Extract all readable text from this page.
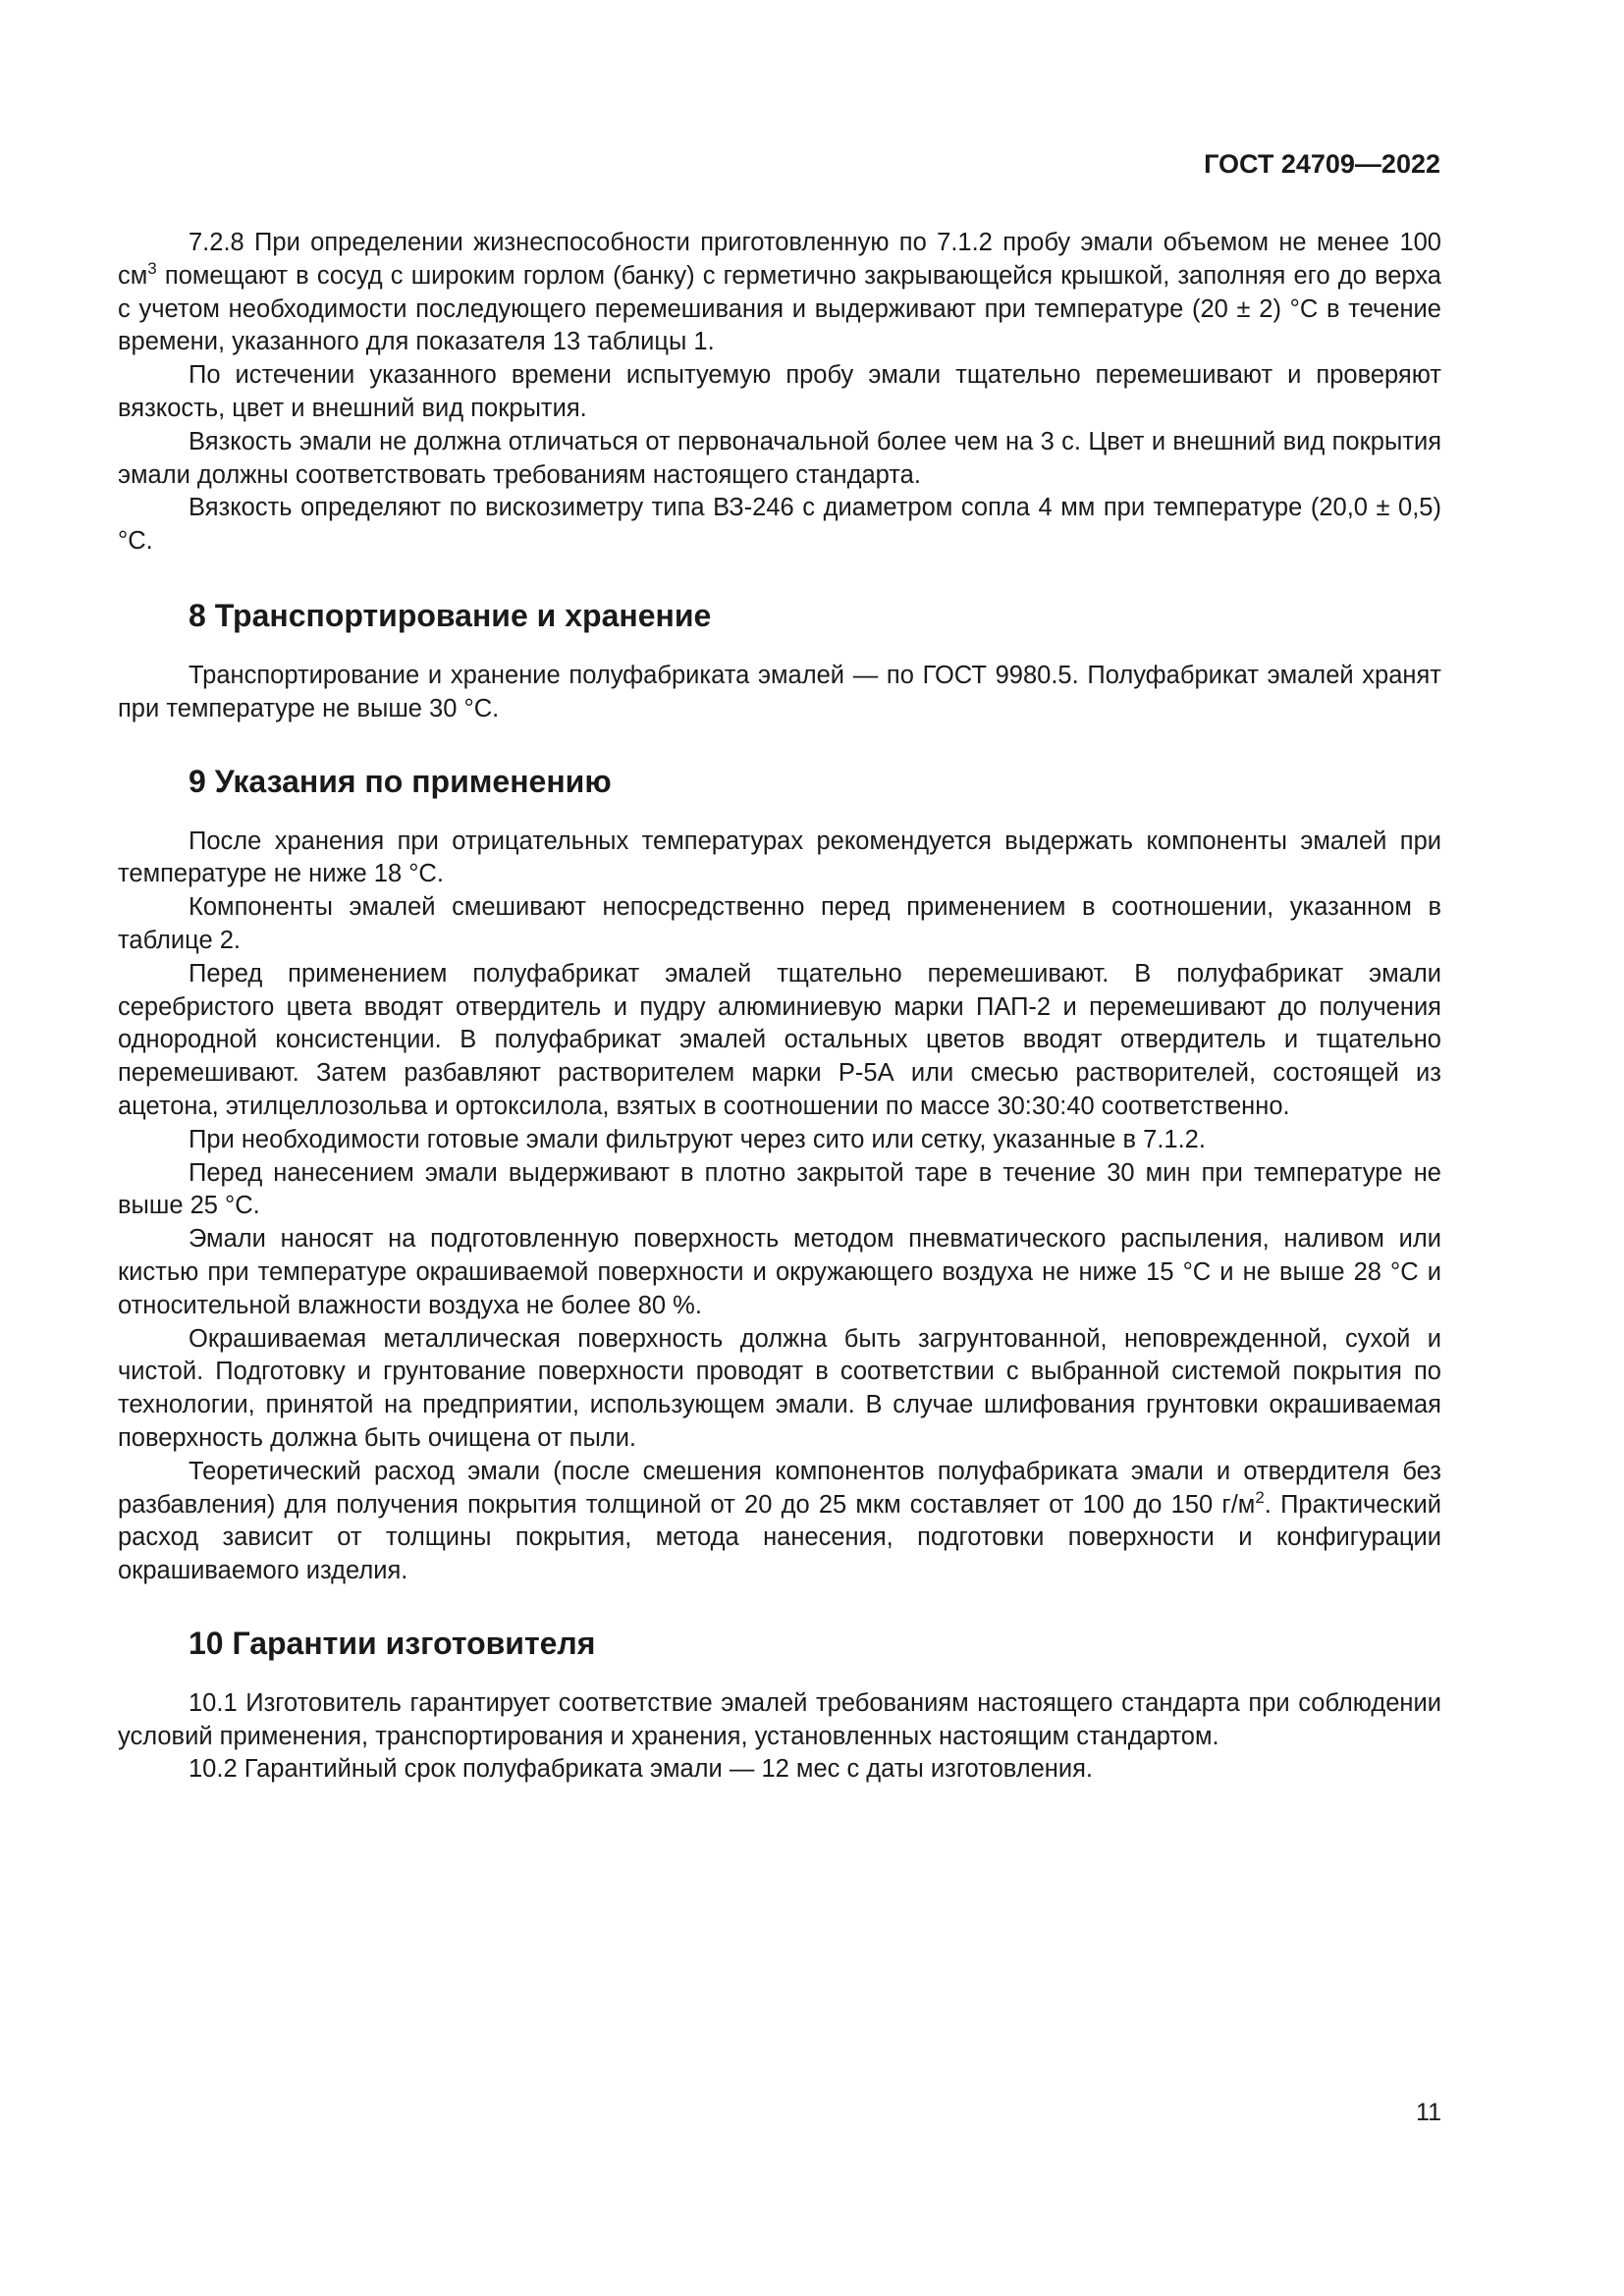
ГОСТ 24709—2022

7.2.8 При определении жизнеспособности приготовленную по 7.1.2 пробу эмали объемом не менее 100 $см^3$ помещают в сосуд с широким горлом (банку) с герметично закрывающейся крышкой, заполняя его до верха с учетом необходимости последующего перемешивания и выдерживают при температуре (20 ± 2) °C в течение времени, указанного для показателя 13 таблицы 1.

По истечении указанного времени испытуемую пробу эмали тщательно перемешивают и проверяют вязкость, цвет и внешний вид покрытия.

Вязкость эмали не должна отличаться от первоначальной более чем на 3 с. Цвет и внешний вид покрытия эмали должны соответствовать требованиям настоящего стандарта.

Вязкость определяют по вискозиметру типа ВЗ-246 с диаметром сопла 4 мм при температуре (20,0 ± 0,5) °C.

8 Транспортирование и хранение

Транспортирование и хранение полуфабриката эмалей — по ГОСТ 9980.5. Полуфабрикат эмалей хранят при температуре не выше 30 °C.

9 Указания по применению

После хранения при отрицательных температурах рекомендуется выдержать компоненты эмалей при температуре не ниже 18 °C.

Компоненты эмалей смешивают непосредственно перед применением в соотношении, указанном в таблице 2.

Перед применением полуфабрикат эмалей тщательно перемешивают. В полуфабрикат эмали серебристого цвета вводят отвердитель и пудру алюминиевую марки ПАП-2 и перемешивают до получения однородной консистенции. В полуфабрикат эмалей остальных цветов вводят отвердитель и тщательно перемешивают. Затем разбавляют растворителем марки Р-5А или смесью растворителей, состоящей из ацетона, этилцеллозольва и ортоксилола, взятых в соотношении по массе 30:30:40 соответственно.

При необходимости готовые эмали фильтруют через сито или сетку, указанные в 7.1.2.

Перед нанесением эмали выдерживают в плотно закрытой таре в течение 30 мин при температуре не выше 25 °C.

Эмали наносят на подготовленную поверхность методом пневматического распыления, наливом или кистью при температуре окрашиваемой поверхности и окружающего воздуха не ниже 15 °C и не выше 28 °C и относительной влажности воздуха не более 80 %.

Окрашиваемая металлическая поверхность должна быть загрунтованной, неповрежденной, сухой и чистой. Подготовку и грунтование поверхности проводят в соответствии с выбранной системой покрытия по технологии, принятой на предприятии, использующем эмали. В случае шлифования грунтовки окрашиваемая поверхность должна быть очищена от пыли.

Теоретический расход эмали (после смешения компонентов полуфабриката эмали и отвердителя без разбавления) для получения покрытия толщиной от 20 до 25 мкм составляет от 100 до 150 $г/м^2$. Практический расход зависит от толщины покрытия, метода нанесения, подготовки поверхности и конфигурации окрашиваемого изделия.

10 Гарантии изготовителя

10.1 Изготовитель гарантирует соответствие эмалей требованиям настоящего стандарта при соблюдении условий применения, транспортирования и хранения, установленных настоящим стандартом.

10.2 Гарантийный срок полуфабриката эмали — 12 мес с даты изготовления.

11
